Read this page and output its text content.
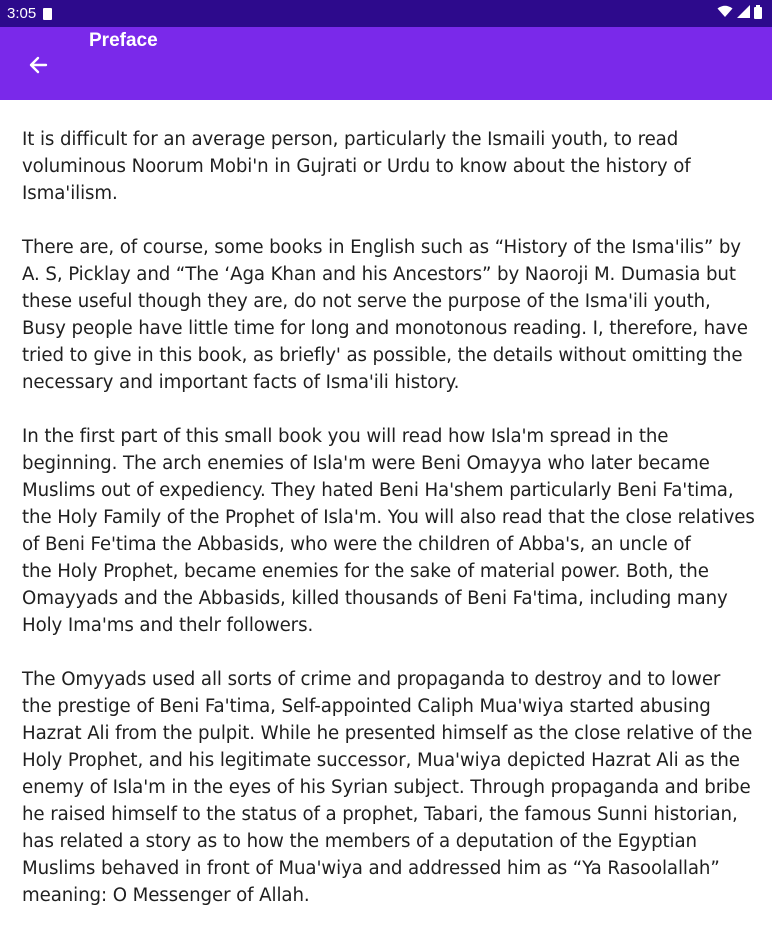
3:05
Preface

It is difficult for an average person, particularly the Ismaili youth, to read
voluminous Noorum Mobi'n in Gujrati or Urdu to know about the history of
Isma'ilism.

There are, of course, some books in English such as “History of the Isma'ilis” by
A. S, Picklay and “The ‘Aga Khan and his Ancestors” by Naoroji M. Dumasia but
these useful though they are, do not serve the purpose of the Isma'ili youth,
Busy people have little time for long and monotonous reading. I, therefore, have
tried to give in this book, as briefly' as possible, the details without omitting the
necessary and important facts of Isma'ili history.

In the first part of this small book you will read how Isla'm spread in the
beginning. The arch enemies of Isla'm were Beni Omayya who later became
Muslims out of expediency. They hated Beni Ha'shem particularly Beni Fa'tima,
the Holy Family of the Prophet of Isla'm. You will also read that the close relatives
of Beni Fe'tima the Abbasids, who were the children of Abba's, an uncle of
the Holy Prophet, became enemies for the sake of material power. Both, the
Omayyads and the Abbasids, killed thousands of Beni Fa'tima, including many
Holy Ima'ms and thelr followers.

The Omyyads used all sorts of crime and propaganda to destroy and to lower
the prestige of Beni Fa'tima, Self-appointed Caliph Mua'wiya started abusing
Hazrat Ali from the pulpit. While he presented himself as the close relative of the
Holy Prophet, and his legitimate successor, Mua'wiya depicted Hazrat Ali as the
enemy of Isla'm in the eyes of his Syrian subject. Through propaganda and bribe
he raised himself to the status of a prophet, Tabari, the famous Sunni historian,
has related a story as to how the members of a deputation of the Egyptian
Muslims behaved in front of Mua'wiya and addressed him as “Ya Rasoolallah”
meaning: O Messenger of Allah.
